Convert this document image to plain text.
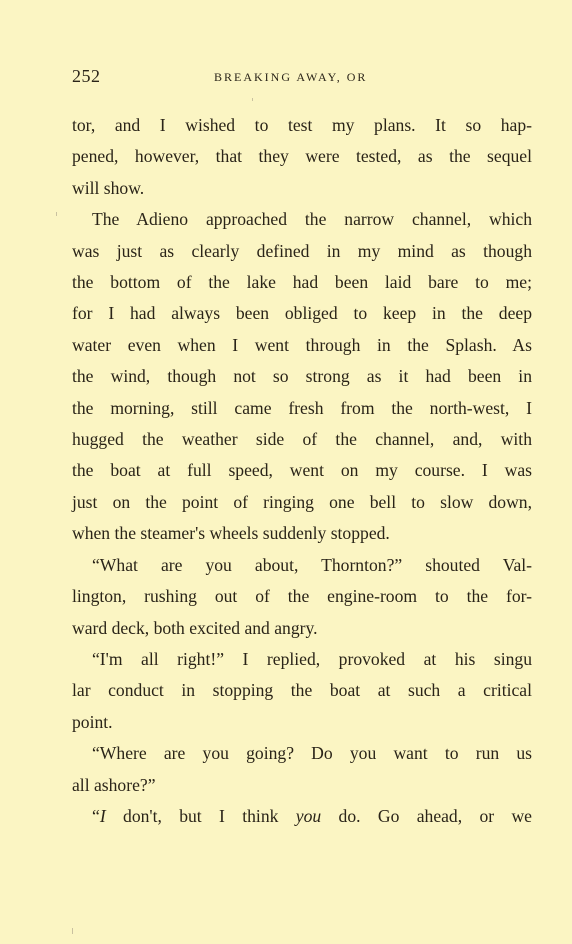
252	BREAKING AWAY, OR

tor, and I wished to test my plans. It so hap-
pened, however, that they were tested, as the sequel
will show.

The Adieno approached the narrow channel, which
was just as clearly defined in my mind as though
the bottom of the lake had been laid bare to me;
for I had always been obliged to keep in the deep
water even when I went through in the Splash. As
the wind, though not so strong as it had been in
the morning, still came fresh from the north-west, I
hugged the weather side of the channel, and, with
the boat at full speed, went on my course. I was
just on the point of ringing one bell to slow down,
when the steamer's wheels suddenly stopped.

“What are you about, Thornton?” shouted Val-
lington, rushing out of the engine-room to the for-
ward deck, both excited and angry.

“I'm all right!” I replied, provoked at his singu
lar conduct in stopping the boat at such a critical
point.

“Where are you going? Do you want to run us
all ashore?”

“I don't, but I think you do. Go ahead, or we
